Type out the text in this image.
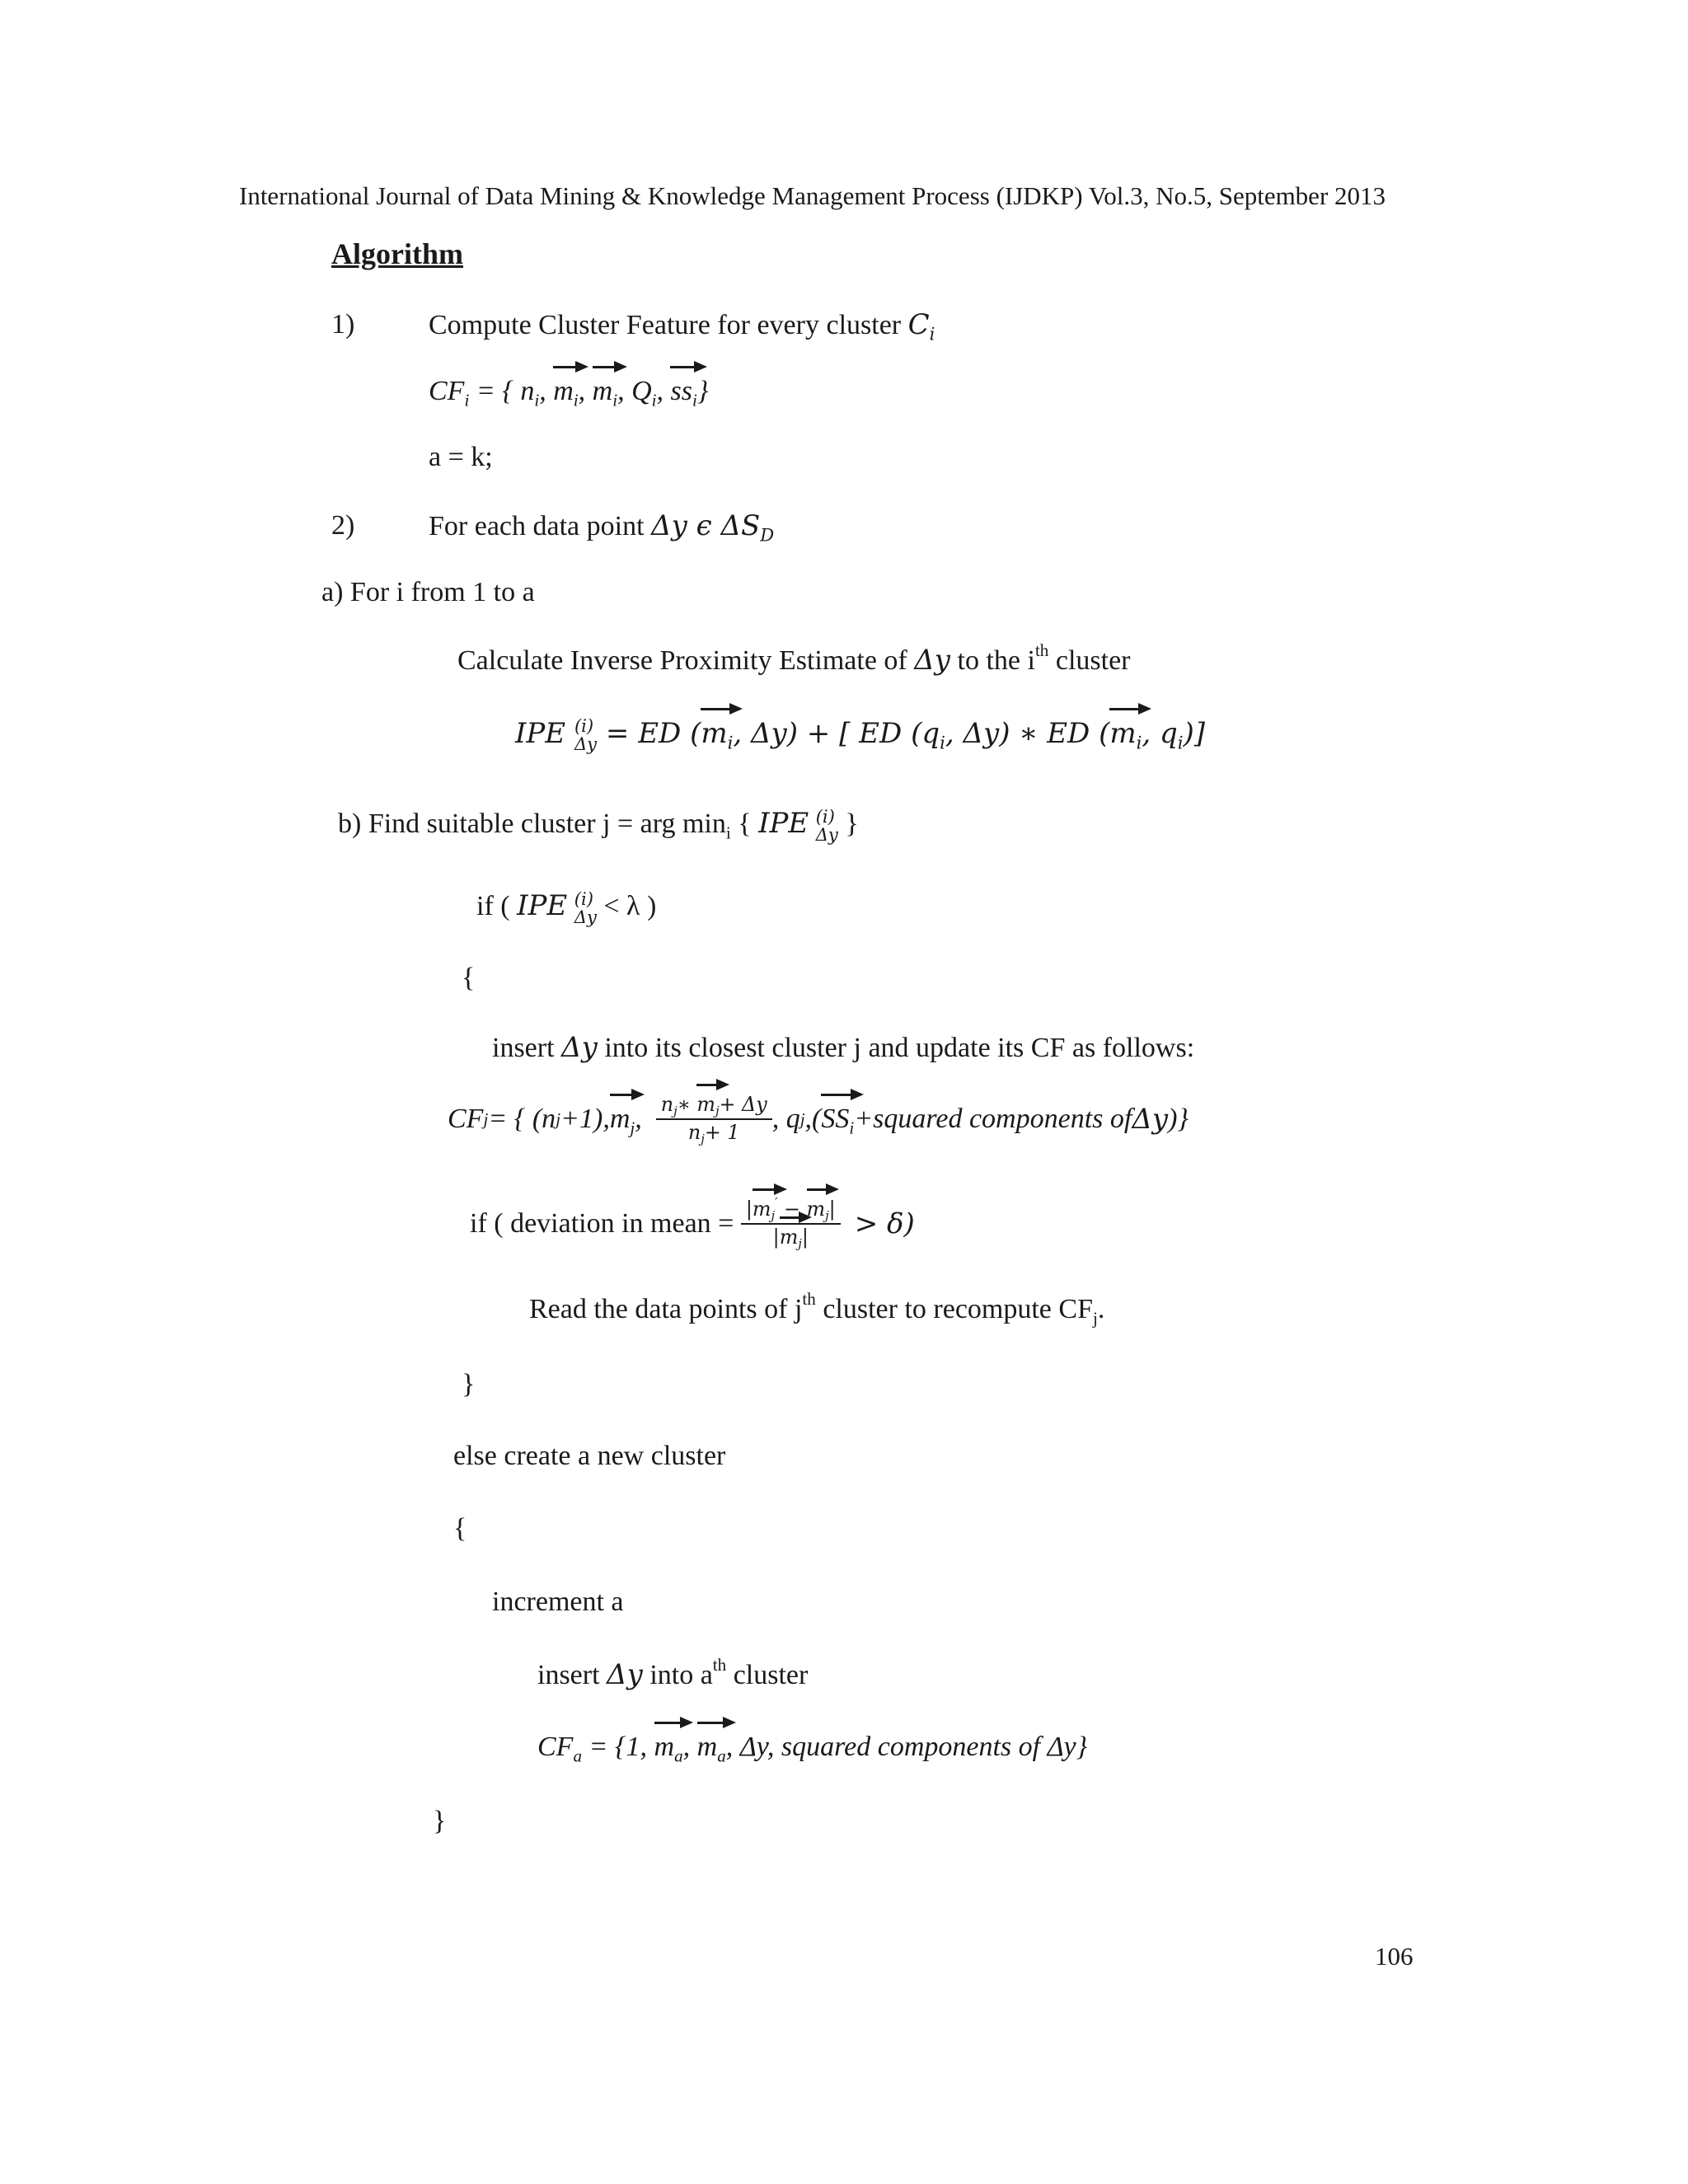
International Journal of Data Mining & Knowledge Management Process (IJDKP) Vol.3, No.5, September 2013
Algorithm
1)	Compute Cluster Feature for every cluster $C_i$
$CF_i$ = { $n_i$, $m_i$, $m_i$, $Q_i$, $ss_i$}
a = k;
2)	For each data point Δy ϵ $\Delta S_D$
a) For i from 1 to a
Calculate Inverse Proximity Estimate of Δy to the $i^{th}$ cluster
IPE (i)
Δy = ED ($m_i$, Δy) + [ ED ($q_i$, Δy) ∗ ED ($m_i$, $q_i$)]
b) Find suitable cluster j = arg $\min_i$ { IPE (i)
Δy }
if ( IPE (i)
Δy < λ )
{
insert Δy into its closest cluster j and update its CF as follows:
CF j = { (n j +1), $m_j$ ,
$\frac{n_j∗ m_j+ \Delta y}{n_j+ 1}$ , q j ,( $SS_i$ +squared components of Δy )}
if ( deviation in mean =
$\frac{|m_j' - m_j|}{|m_j|}$
> δ)
Read the data points of $j^{th}$ cluster to recompute $CF_j$.
}
else create a new cluster
{
increment a
insert Δy into $a^{th}$ cluster
$CF_a = \{1$, $m_a$, $m_a$, Δy, squared components of Δy}
}
106
